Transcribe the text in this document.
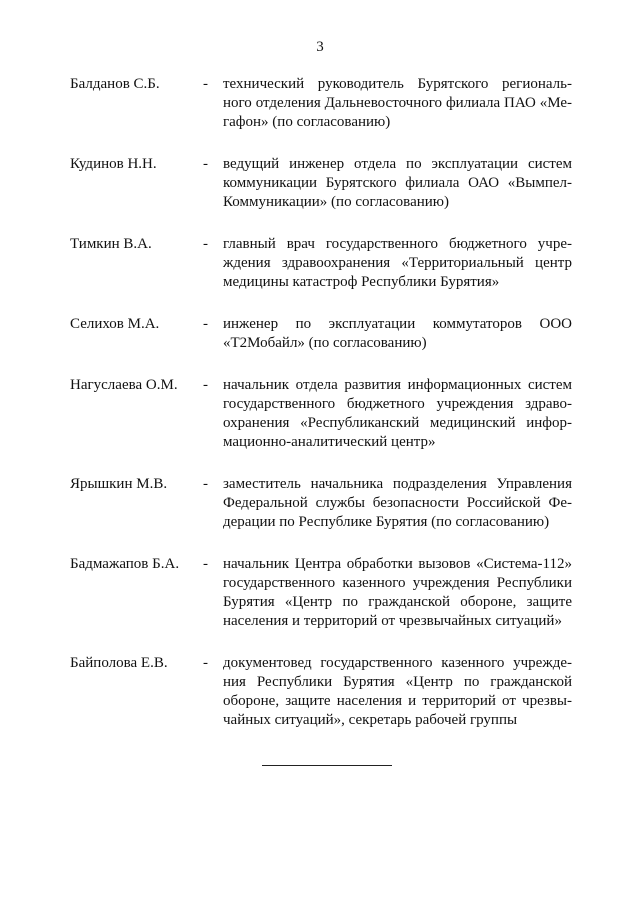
3
Балданов С.Б.	-	технический руководитель Бурятского региональ-
ного отделения Дальневосточного филиала ПАО «Ме-
гафон» (по согласованию)
Кудинов Н.Н.	-	ведущий инженер отдела по эксплуатации систем
коммуникации Бурятского филиала ОАО «Вымпел-
Коммуникации» (по согласованию)
Тимкин В.А.	-	главный врач государственного бюджетного учре-
ждения здравоохранения «Территориальный центр
медицины катастроф Республики Бурятия»
Селихов М.А.	-	инженер по эксплуатации коммутаторов ООО
«Т2Мобайл» (по согласованию)
Нагуслаева О.М.	-	начальник отдела развития информационных систем
государственного бюджетного учреждения здраво-
охранения «Республиканский медицинский инфор-
мационно-аналитический центр»
Ярышкин М.В.	-	заместитель начальника подразделения Управления
Федеральной службы безопасности Российской Фе-
дерации по Республике Бурятия (по согласованию)
Бадмажапов Б.А.	-	начальник Центра обработки вызовов «Система-112»
государственного казенного учреждения Республики
Бурятия «Центр по гражданской обороне, защите
населения и территорий от чрезвычайных ситуаций»
Байполова Е.В.	-	документовед государственного казенного учрежде-
ния Республики Бурятия «Центр по гражданской
обороне, защите населения и территорий от чрезвы-
чайных ситуаций», секретарь рабочей группы
